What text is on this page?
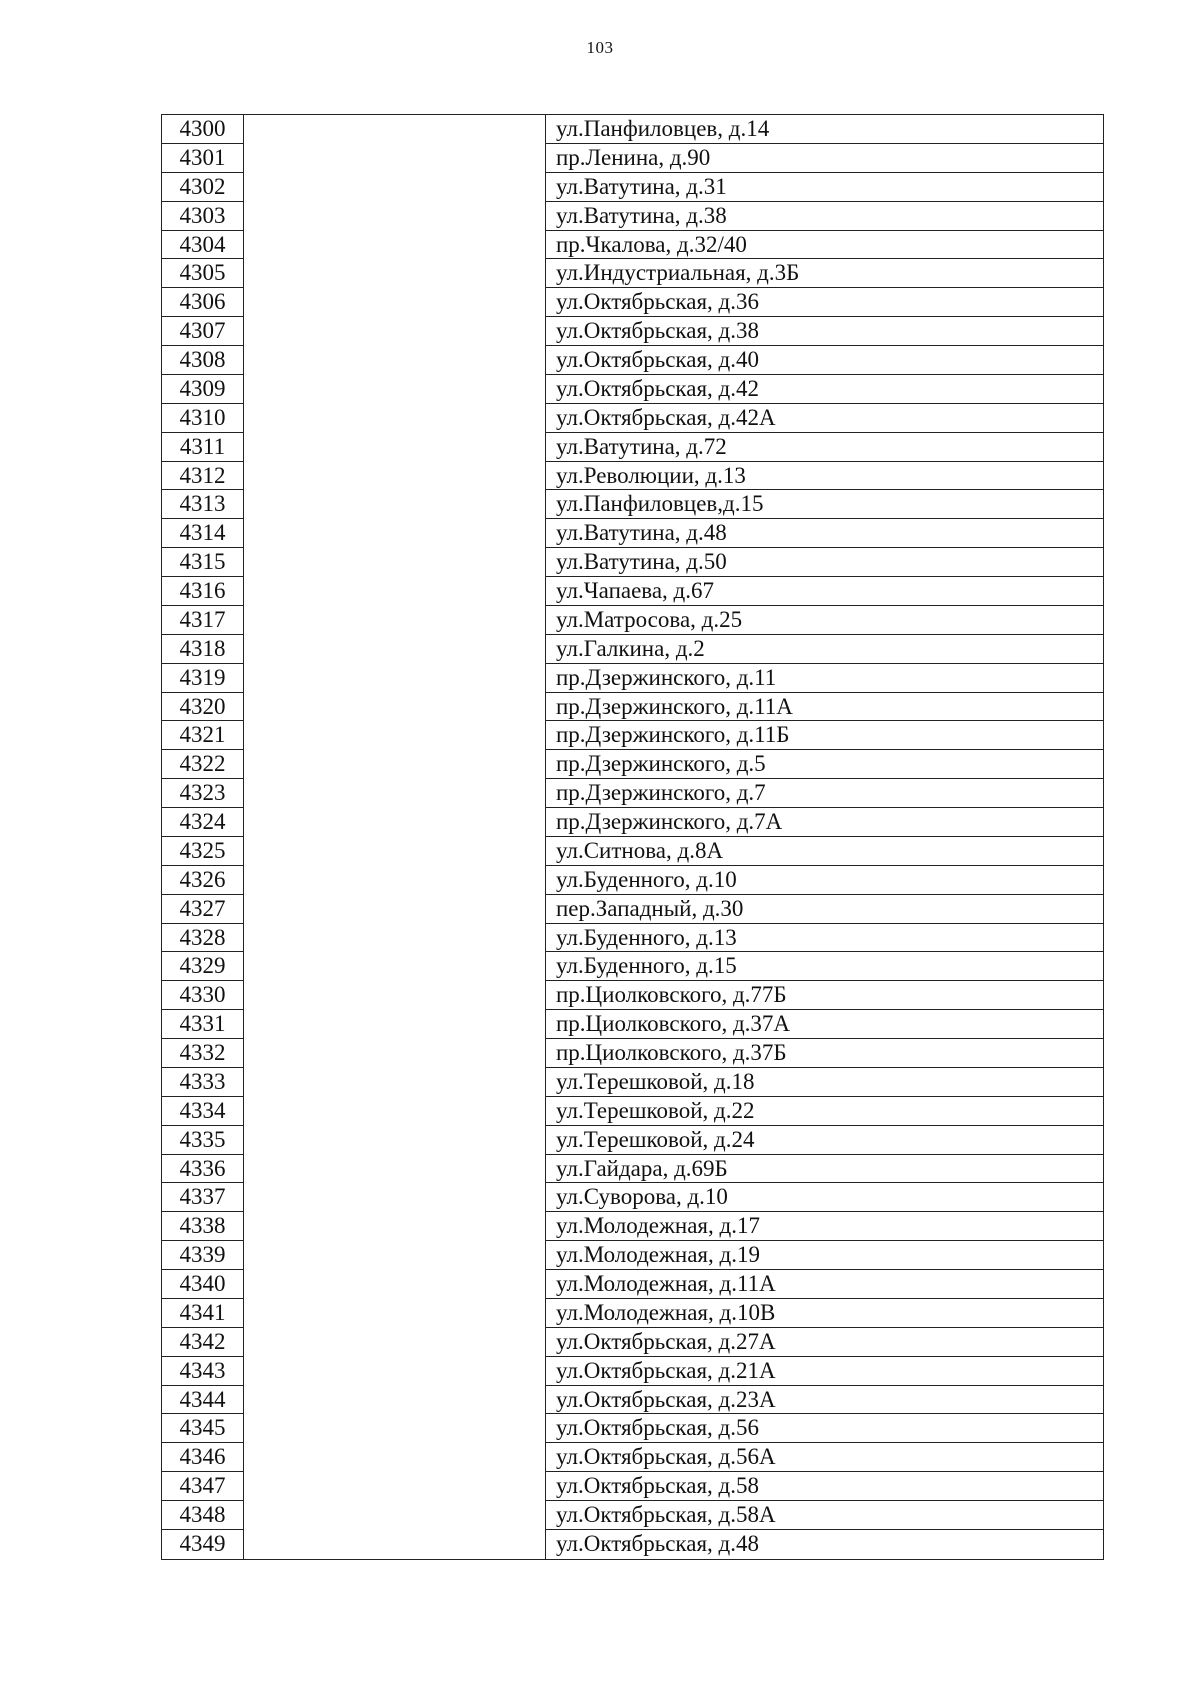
103
4300	ул.Панфиловцев, д.14
4301	пр.Ленина, д.90
4302	ул.Ватутина, д.31
4303	ул.Ватутина, д.38
4304	пр.Чкалова, д.32/40
4305	ул.Индустриальная, д.3Б
4306	ул.Октябрьская, д.36
4307	ул.Октябрьская, д.38
4308	ул.Октябрьская, д.40
4309	ул.Октябрьская, д.42
4310	ул.Октябрьская, д.42А
4311	ул.Ватутина, д.72
4312	ул.Революции, д.13
4313	ул.Панфиловцев,д.15
4314	ул.Ватутина, д.48
4315	ул.Ватутина, д.50
4316	ул.Чапаева, д.67
4317	ул.Матросова, д.25
4318	ул.Галкина, д.2
4319	пр.Дзержинского, д.11
4320	пр.Дзержинского, д.11А
4321	пр.Дзержинского, д.11Б
4322	пр.Дзержинского, д.5
4323	пр.Дзержинского, д.7
4324	пр.Дзержинского, д.7А
4325	ул.Ситнова, д.8А
4326	ул.Буденного, д.10
4327	пер.Западный, д.30
4328	ул.Буденного, д.13
4329	ул.Буденного, д.15
4330	пр.Циолковского, д.77Б
4331	пр.Циолковского, д.37А
4332	пр.Циолковского, д.37Б
4333	ул.Терешковой, д.18
4334	ул.Терешковой, д.22
4335	ул.Терешковой, д.24
4336	ул.Гайдара, д.69Б
4337	ул.Суворова, д.10
4338	ул.Молодежная, д.17
4339	ул.Молодежная, д.19
4340	ул.Молодежная, д.11А
4341	ул.Молодежная, д.10В
4342	ул.Октябрьская, д.27А
4343	ул.Октябрьская, д.21А
4344	ул.Октябрьская, д.23А
4345	ул.Октябрьская, д.56
4346	ул.Октябрьская, д.56А
4347	ул.Октябрьская, д.58
4348	ул.Октябрьская, д.58А
4349	ул.Октябрьская, д.48
